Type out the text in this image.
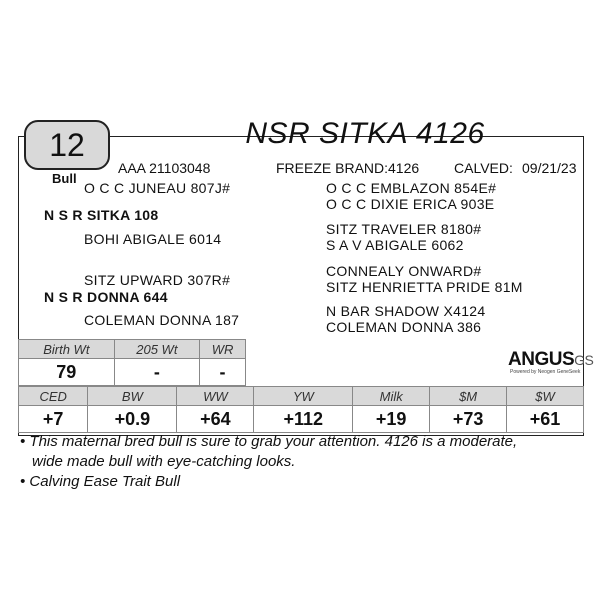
12
Bull
NSR SITKA 4126
AAA 21103048	FREEZE BRAND: 4126 CALVED: 09/21/23
O C C JUNEAU 807J#
N S R SITKA 108
BOHI ABIGALE 6014
SITZ UPWARD 307R#
N S R DONNA 644
COLEMAN DONNA 187
O C C EMBLAZON 854E#
O C C DIXIE ERICA 903E
SITZ TRAVELER 8180#
S A V ABIGALE 6062
CONNEALY ONWARD#
SITZ HENRIETTA PRIDE 81M
N BAR SHADOW X4124
COLEMAN DONNA 386
Birth Wt	205 Wt	WR
79	-	-
ANGUSGS
Powered by Neogen GeneSeek
CED	BW	WW	YW	Milk	$M	$W
+7	+0.9	+64	+112	+19	+73	+61
• This maternal bred bull is sure to grab your attention. 4126 is a moderate,
wide made bull with eye-catching looks.
• Calving Ease Trait Bull
